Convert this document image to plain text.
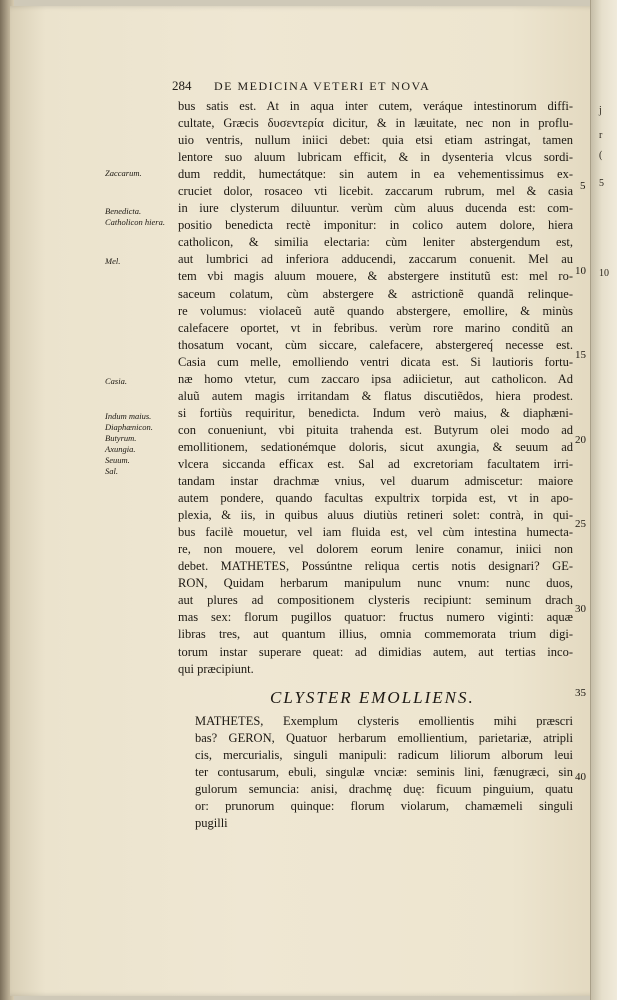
j
r
(
5
10
284 DE MEDICINA VETERI ET NOVA
Zaccarum.
Benedicta.
Catholicon hiera.
Mel.
Casia.
Indum maius.
Diaphænicon.
Butyrum.
Axungia.
Seuum.
Sal.
5
10
15
20
25
30
35
40
bus satis est. At in aqua inter cutem, veráque intestinorum diffi-
cultate, Græcis δυσεντερία dicitur, & in læuitate, nec non in proflu-
uio ventris, nullum iniici debet: quia etsi etiam astringat, tamen
lentore suo aluum lubricam efficit, & in dysenteria vlcus sordi-
dum reddit, humectátque: sin autem in ea vehementissimus ex-
cruciet dolor, rosaceo vti licebit. zaccarum rubrum, mel & casia
in iure clysterum diluuntur. verùm cùm aluus ducenda est: com-
positio benedicta rectè imponitur: in colico autem dolore, hiera
catholicon, & similia electaria: cùm leniter abstergendum est,
aut lumbrici ad inferiora adducendi, zaccarum conuenit. Mel au
tem vbi magis aluum mouere, & abstergere institutũ est: mel ro-
saceum colatum, cùm abstergere & astrictionẽ quandã relinque-
re volumus: violaceũ autẽ quando abstergere, emollire, & minùs
calefacere oportet, vt in febribus. verùm rore marino conditũ an
thosatum vocant, cùm siccare, calefacere, abstergereq́ necesse est.
Casia cum melle, emolliendo ventri dicata est. Si lautioris fortu-
næ homo vtetur, cum zaccaro ipsa adiicietur, aut catholicon. Ad
aluũ autem magis irritandam & flatus discutiẽdos, hiera prodest.
si fortiùs requiritur, benedicta. Indum verò maius, & diaphæni-
con conueniunt, vbi pituita trahenda est. Butyrum olei modo ad
emollitionem, sedationémque doloris, sicut axungia, & seuum ad
vlcera siccanda efficax est. Sal ad excretoriam facultatem irri-
tandam instar drachmæ vnius, vel duarum admiscetur: maiore
autem pondere, quando facultas expultrix torpida est, vt in apo-
plexia, & iis, in quibus aluus diutiùs retineri solet: contrà, in qui-
bus facilè mouetur, vel iam fluida est, vel cùm intestina humecta-
re, non mouere, vel dolorem eorum lenire conamur, iniici non
debet. MATHETES, Possúntne reliqua certis notis designari? GE-
RON, Quidam herbarum manipulum nunc vnum: nunc duos,
aut plures ad compositionem clysteris recipiunt: seminum drach
mas sex: florum pugillos quatuor: fructus numero viginti: aquæ
libras tres, aut quantum illius, omnia commemorata trium digi-
torum instar superare queat: ad dimidias autem, aut tertias inco-
qui præcipiunt.
CLYSTER EMOLLIENS.
MATHETES, Exemplum clysteris emollientis mihi præscri
bas? GERON, Quatuor herbarum emollientium, parietariæ, atripli
cis, mercurialis, singuli manipuli: radicum liliorum alborum leui
ter contusarum, ebuli, singulæ vnciæ: seminis lini, fænugræci, sin
gulorum semuncia: anisi, drachmę duę: ficuum pinguium, quatu
or: prunorum quinque: florum violarum, chamæmeli singuli
pugilli
